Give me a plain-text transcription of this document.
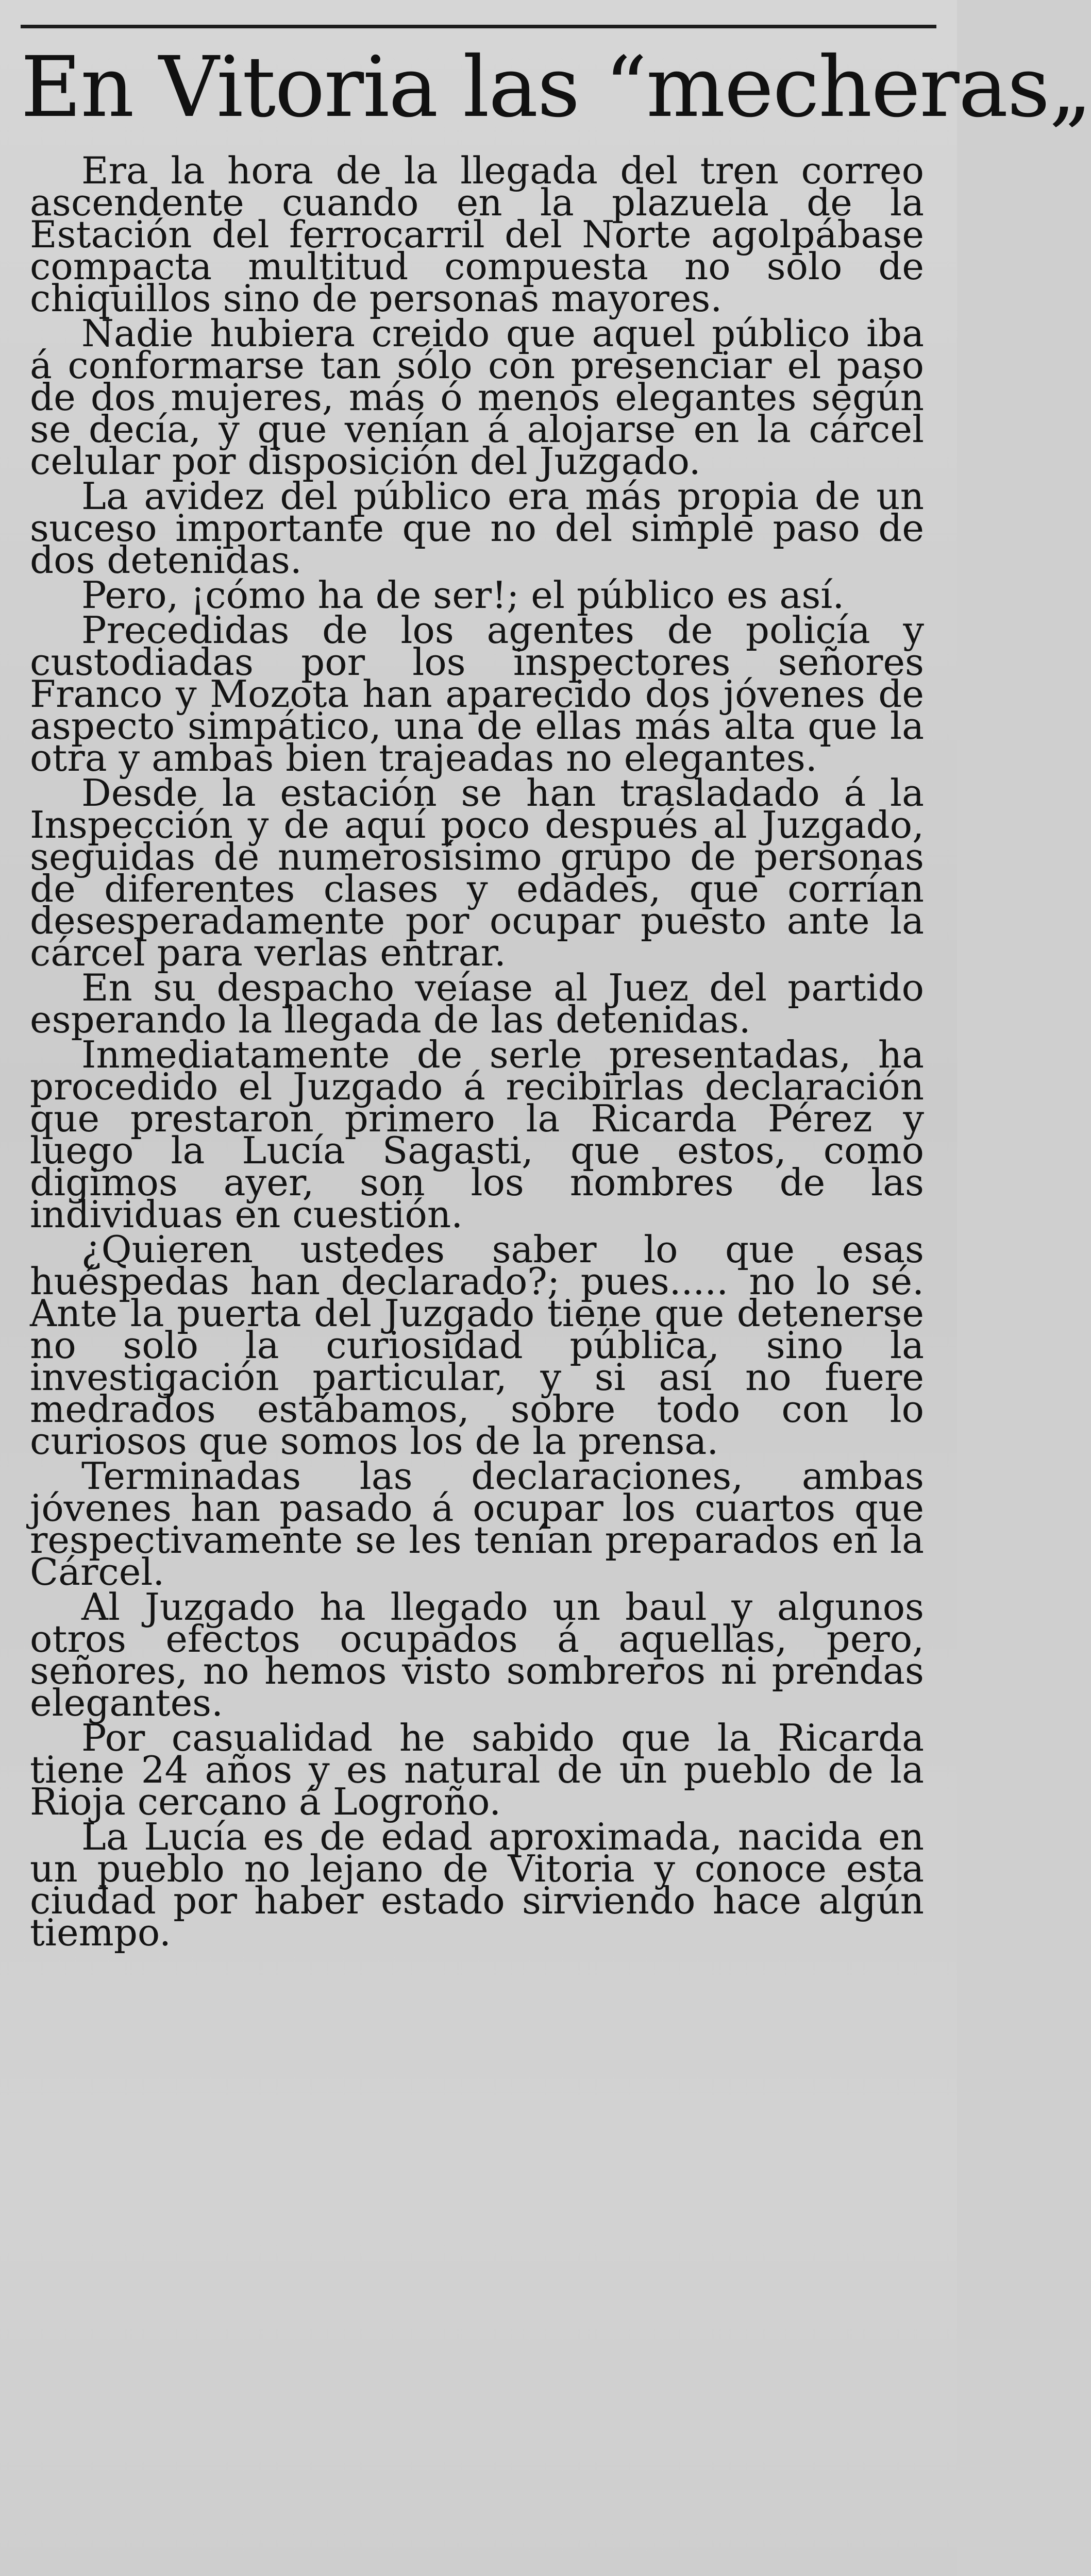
En Vitoria las “mecheras„

Era la hora de la llegada del tren correo ascendente cuando en la plazuela de la Estación del ferrocarril del Norte agolpábase compacta multitud compuesta no solo de chiquillos sino de personas mayores.

Nadie hubiera creido que aquel público iba á conformarse tan sólo con presenciar el paso de dos mujeres, más ó menos elegantes según se decía, y que venían á alojarse en la cárcel celular por disposición del Juzgado.

La avidez del público era más propia de un suceso importante que no del simple paso de dos detenidas.

Pero, ¡cómo ha de ser!; el público es así.

Precedidas de los agentes de policía y custodiadas por los inspectores señores Franco y Mozota han aparecido dos jóvenes de aspecto simpático, una de ellas más alta que la otra y ambas bien trajeadas no elegantes.

Desde la estación se han trasladado á la Inspección y de aquí poco después al Juzgado, seguidas de numerosísimo grupo de personas de diferentes clases y edades, que corrían desesperadamente por ocupar puesto ante la cárcel para verlas entrar.

En su despacho veíase al Juez del partido esperando la llegada de las detenidas.

Inmediatamente de serle presentadas, ha procedido el Juzgado á recibirlas declaración que prestaron primero la Ricarda Pérez y luego la Lucía Sagasti, que estos, como digimos ayer, son los nombres de las individuas en cuestión.

¿Quieren ustedes saber lo que esas huéspedas han declarado?; pues..... no lo sé. Ante la puerta del Juzgado tiene que detenerse no solo la curiosidad pública, sino la investigación particular, y si así no fuere medrados estábamos, sobre todo con lo curiosos que somos los de la prensa.

Terminadas las declaraciones, ambas jóvenes han pasado á ocupar los cuartos que respectivamente se les tenían preparados en la Cárcel.

Al Juzgado ha llegado un baul y algunos otros efectos ocupados á aquellas, pero, señores, no hemos visto sombreros ni prendas elegantes.

Por casualidad he sabido que la Ricarda tiene 24 años y es natural de un pueblo de la Rioja cercano á Logroño.

La Lucía es de edad aproximada, nacida en un pueblo no lejano de Vitoria y conoce esta ciudad por haber estado sirviendo hace algún tiempo.
